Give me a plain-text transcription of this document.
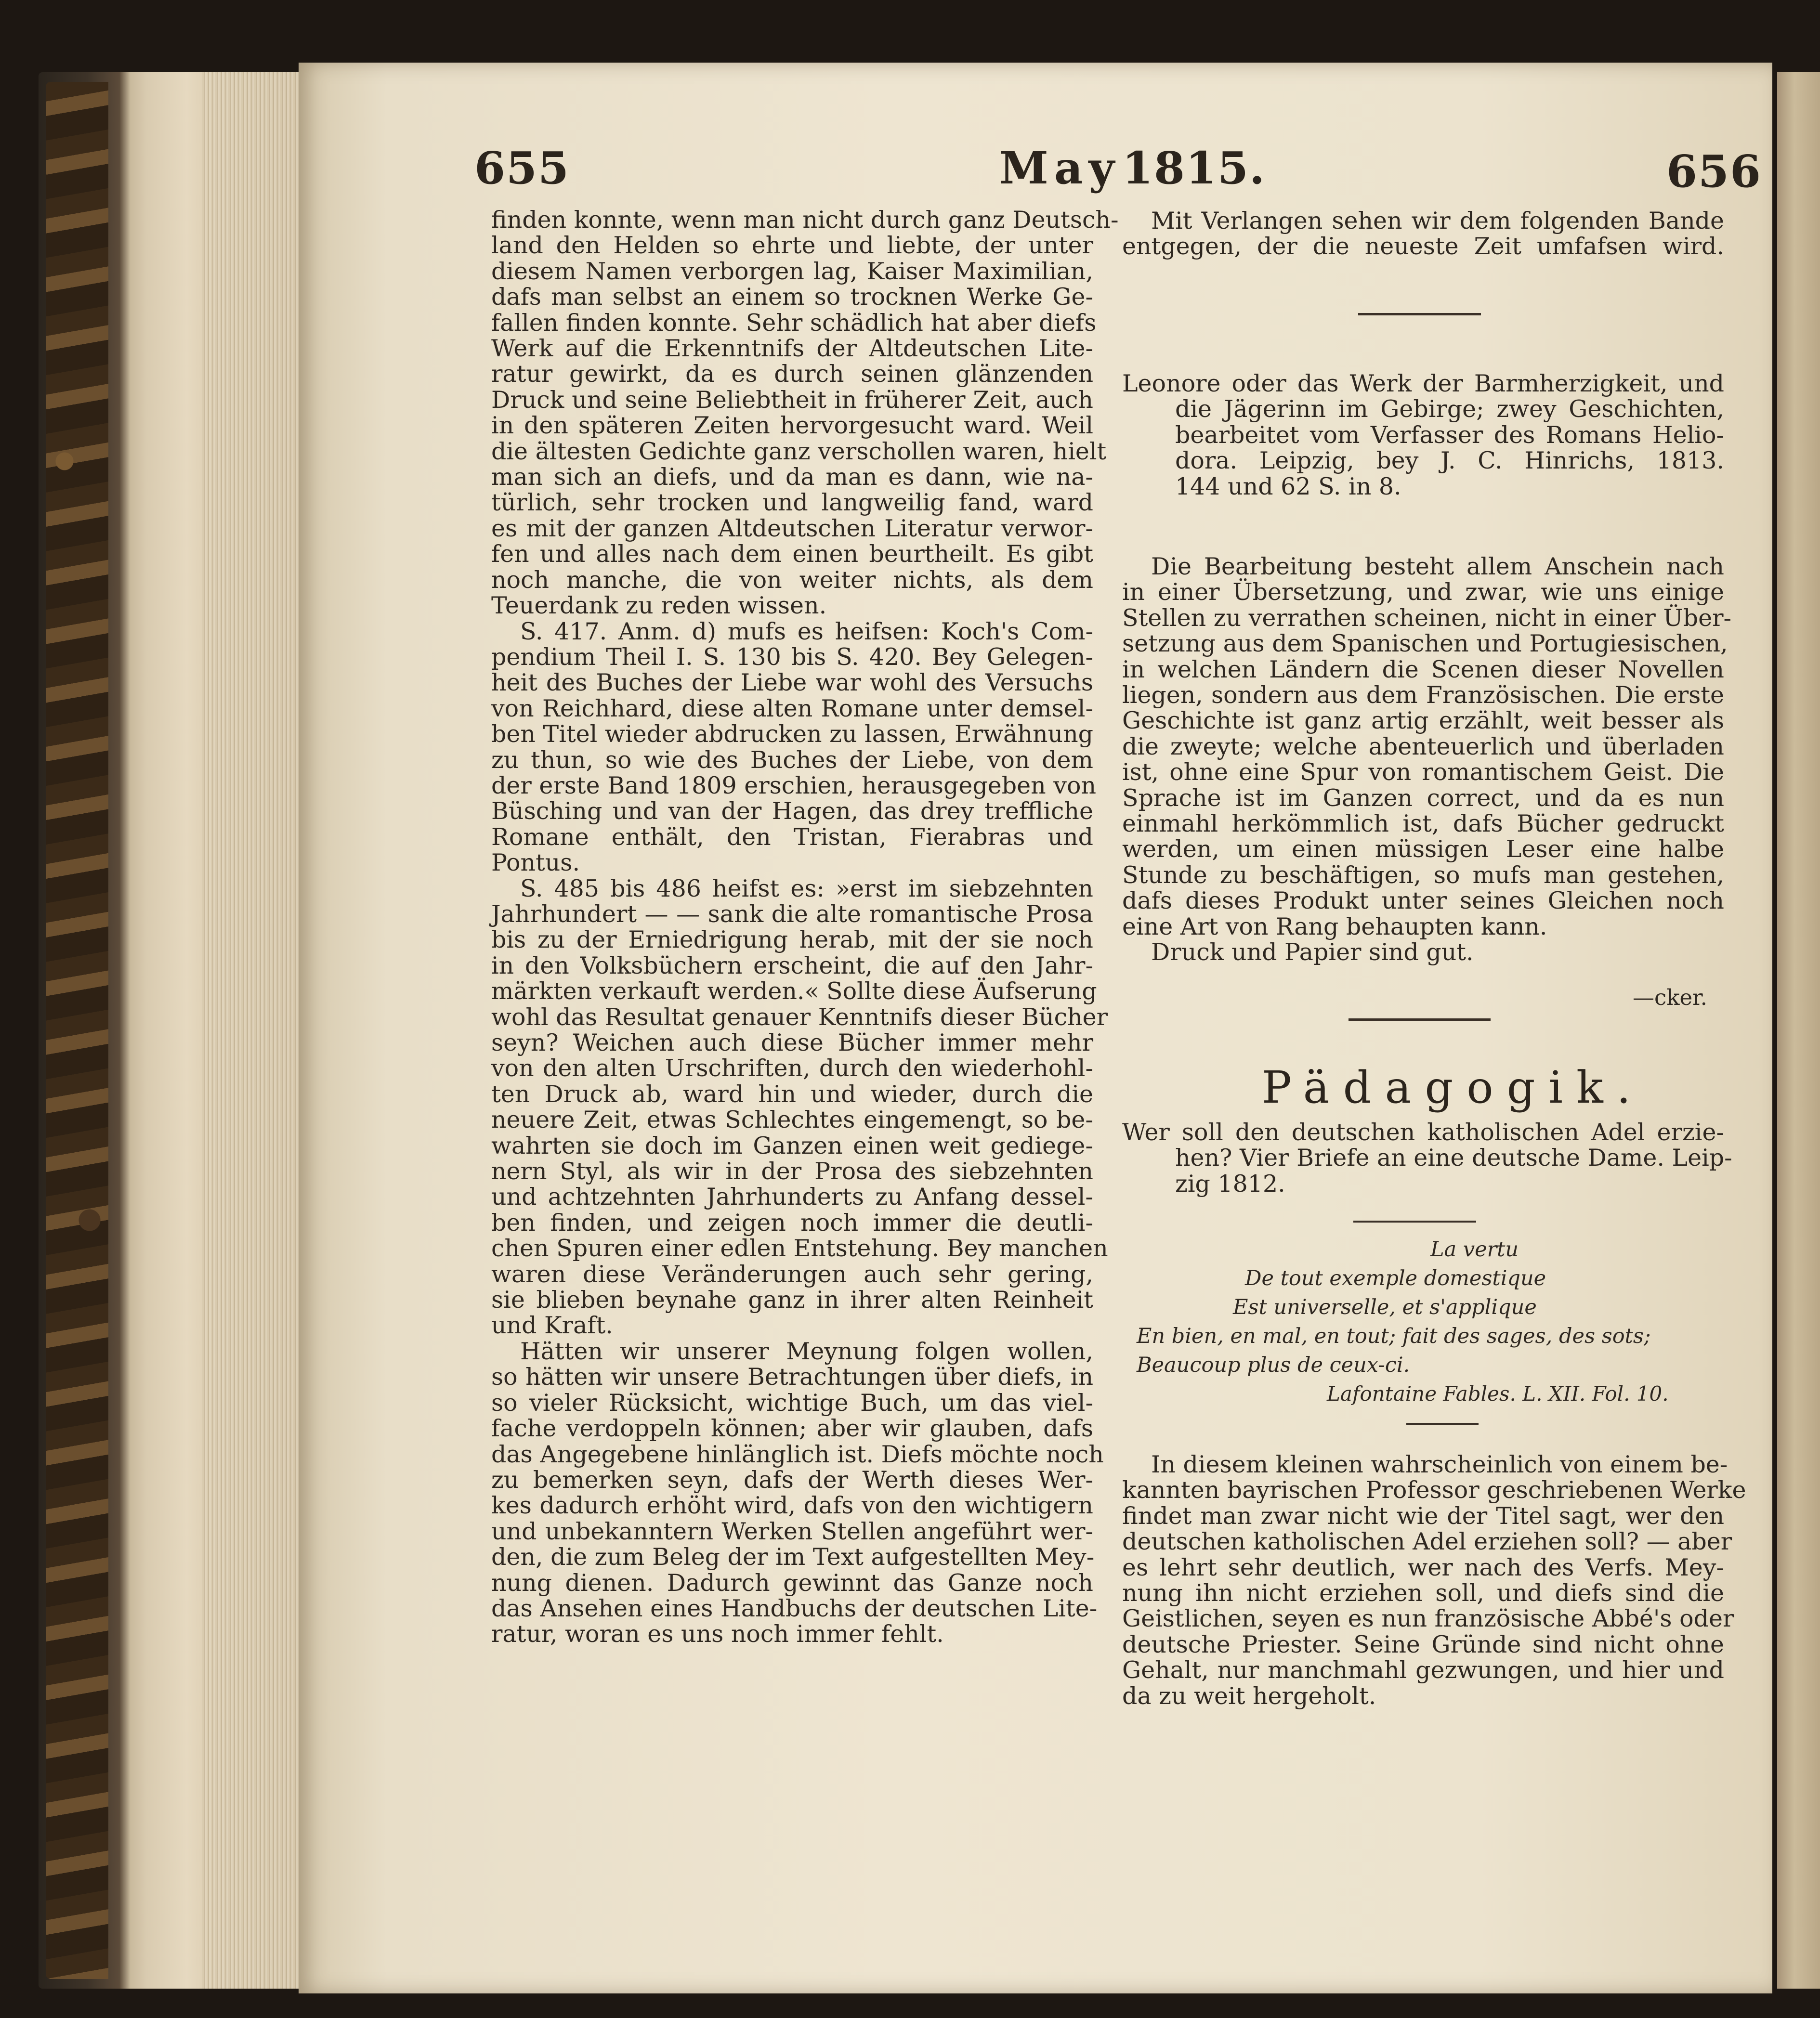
655	May 1815.	656
finden konnte, wenn man nicht durch ganz Deutsch-
land den Helden so ehrte und liebte, der unter
diesem Namen verborgen lag, Kaiser Maximilian,
dafs man selbst an einem so trocknen Werke Ge-
fallen finden konnte. Sehr schädlich hat aber diefs
Werk auf die Erkenntnifs der Altdeutschen Lite-
ratur gewirkt, da es durch seinen glänzenden
Druck und seine Beliebtheit in früherer Zeit, auch
in den späteren Zeiten hervorgesucht ward. Weil
die ältesten Gedichte ganz verschollen waren, hielt
man sich an diefs, und da man es dann, wie na-
türlich, sehr trocken und langweilig fand, ward
es mit der ganzen Altdeutschen Literatur verwor-
fen und alles nach dem einen beurtheilt. Es gibt
noch manche, die von weiter nichts, als dem
Teuerdank zu reden wissen.
S. 417. Anm. d) mufs es heifsen: Koch's Com-
pendium Theil I. S. 130 bis S. 420. Bey Gelegen-
heit des Buches der Liebe war wohl des Versuchs
von Reichhard, diese alten Romane unter demsel-
ben Titel wieder abdrucken zu lassen, Erwähnung
zu thun, so wie des Buches der Liebe, von dem
der erste Band 1809 erschien, herausgegeben von
Büsching und van der Hagen, das drey treffliche
Romane enthält, den Tristan, Fierabras und
Pontus.
S. 485 bis 486 heifst es: »erst im siebzehnten
Jahrhundert — — sank die alte romantische Prosa
bis zu der Erniedrigung herab, mit der sie noch
in den Volksbüchern erscheint, die auf den Jahr-
märkten verkauft werden.« Sollte diese Äufserung
wohl das Resultat genauer Kenntnifs dieser Bücher
seyn? Weichen auch diese Bücher immer mehr
von den alten Urschriften, durch den wiederhohl-
ten Druck ab, ward hin und wieder, durch die
neuere Zeit, etwas Schlechtes eingemengt, so be-
wahrten sie doch im Ganzen einen weit gediege-
nern Styl, als wir in der Prosa des siebzehnten
und achtzehnten Jahrhunderts zu Anfang dessel-
ben finden, und zeigen noch immer die deutli-
chen Spuren einer edlen Entstehung. Bey manchen
waren diese Veränderungen auch sehr gering,
sie blieben beynahe ganz in ihrer alten Reinheit
und Kraft.
Hätten wir unserer Meynung folgen wollen,
so hätten wir unsere Betrachtungen über diefs, in
so vieler Rücksicht, wichtige Buch, um das viel-
fache verdoppeln können; aber wir glauben, dafs
das Angegebene hinlänglich ist. Diefs möchte noch
zu bemerken seyn, dafs der Werth dieses Wer-
kes dadurch erhöht wird, dafs von den wichtigern
und unbekanntern Werken Stellen angeführt wer-
den, die zum Beleg der im Text aufgestellten Mey-
nung dienen. Dadurch gewinnt das Ganze noch
das Ansehen eines Handbuchs der deutschen Lite-
ratur, woran es uns noch immer fehlt.
Mit Verlangen sehen wir dem folgenden Bande
entgegen, der die neueste Zeit umfafsen wird.
Leonore oder das Werk der Barmherzigkeit, und
die Jägerinn im Gebirge; zwey Geschichten,
bearbeitet vom Verfasser des Romans Helio-
dora. Leipzig, bey J. C. Hinrichs, 1813.
144 und 62 S. in 8.
Die Bearbeitung besteht allem Anschein nach
in einer Übersetzung, und zwar, wie uns einige
Stellen zu verrathen scheinen, nicht in einer Über-
setzung aus dem Spanischen und Portugiesischen,
in welchen Ländern die Scenen dieser Novellen
liegen, sondern aus dem Französischen. Die erste
Geschichte ist ganz artig erzählt, weit besser als
die zweyte; welche abenteuerlich und überladen
ist, ohne eine Spur von romantischem Geist. Die
Sprache ist im Ganzen correct, und da es nun
einmahl herkömmlich ist, dafs Bücher gedruckt
werden, um einen müssigen Leser eine halbe
Stunde zu beschäftigen, so mufs man gestehen,
dafs dieses Produkt unter seines Gleichen noch
eine Art von Rang behaupten kann.
Druck und Papier sind gut.
—cker.
Pädagogik.
Wer soll den deutschen katholischen Adel erzie-
hen? Vier Briefe an eine deutsche Dame. Leip-
zig 1812.
La vertu
De tout exemple domestique
Est universelle, et s'applique
En bien, en mal, en tout; fait des sages, des sots;
Beaucoup plus de ceux-ci.
Lafontaine Fables. L. XII. Fol. 10.
In diesem kleinen wahrscheinlich von einem be-
kannten bayrischen Professor geschriebenen Werke
findet man zwar nicht wie der Titel sagt, wer den
deutschen katholischen Adel erziehen soll? — aber
es lehrt sehr deutlich, wer nach des Verfs. Mey-
nung ihn nicht erziehen soll, und diefs sind die
Geistlichen, seyen es nun französische Abbé's oder
deutsche Priester. Seine Gründe sind nicht ohne
Gehalt, nur manchmahl gezwungen, und hier und
da zu weit hergeholt.
